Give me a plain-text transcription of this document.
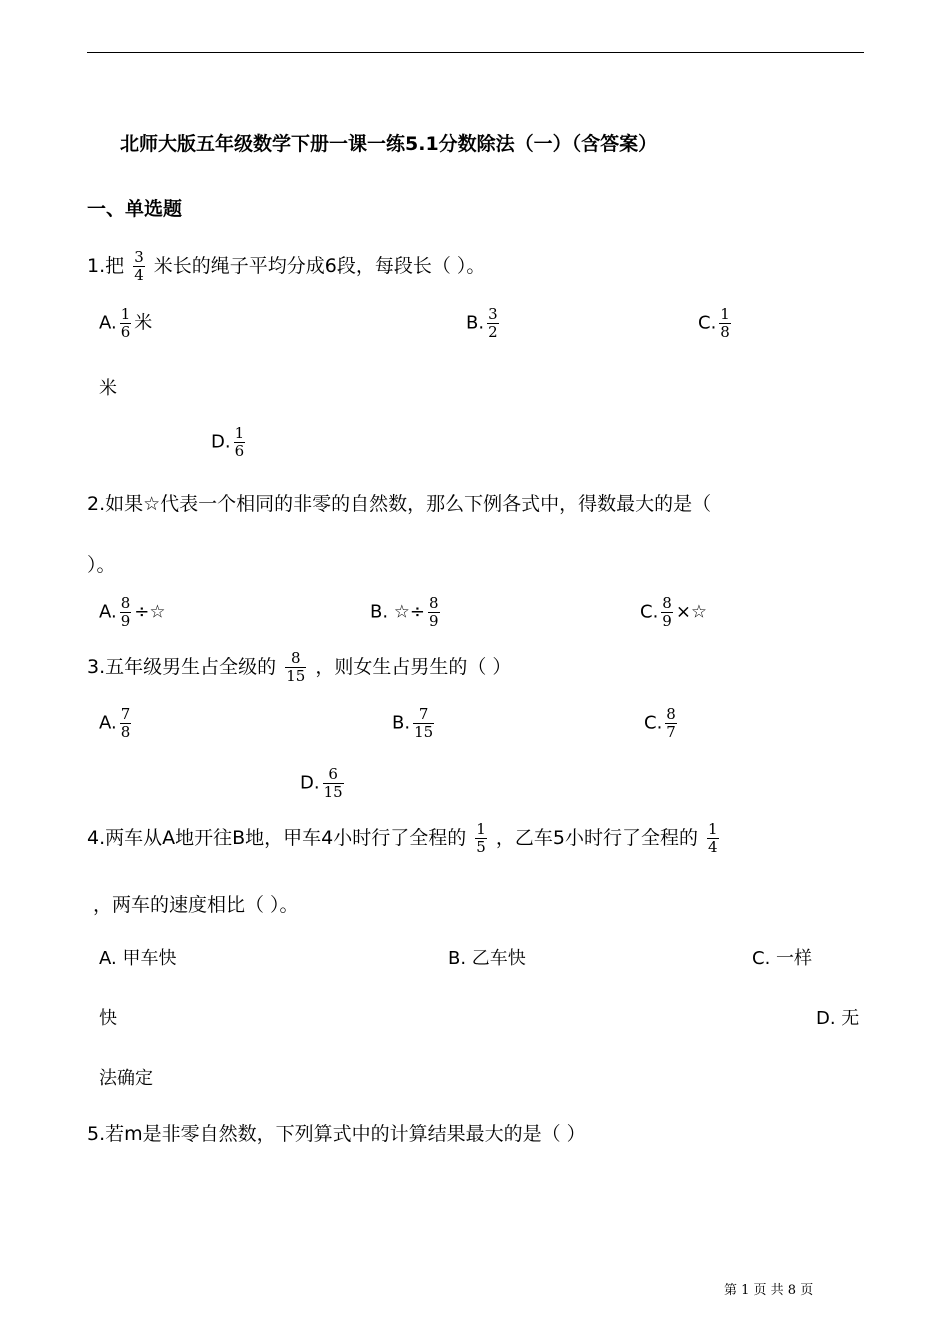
北师大版五年级数学下册一课一练5.1分数除法（一）（含答案）
一、单选题
1.把 $\frac{3}{4}$ 米长的绳子平均分成6段，每段长（ ）。
A. $\frac{1}{6}$ 米	B. $\frac{3}{2}$	C. $\frac{1}{8}$
米
D. $\frac{1}{6}$
2.如果☆代表一个相同的非零的自然数，那么下例各式中，得数最大的是（
）。
A. $\frac{8}{9}$ ÷☆	B. ☆÷ $\frac{8}{9}$	C. $\frac{8}{9}$ ×☆
3.五年级男生占全级的 $\frac{8}{15}$ ，则女生占男生的（ ）
A. $\frac{7}{8}$	B. $\frac{7}{15}$	C. $\frac{8}{7}$
D. $\frac{6}{15}$
4.两车从A地开往B地，甲车4小时行了全程的 $\frac{1}{5}$ ，乙车5小时行了全程的 $\frac{1}{4}$
，两车的速度相比（ ）。
A. 甲车快	B. 乙车快	C. 一样
快	D. 无
法确定
5.若m是非零自然数，下列算式中的计算结果最大的是（ ）
第 1 页 共 8 页
